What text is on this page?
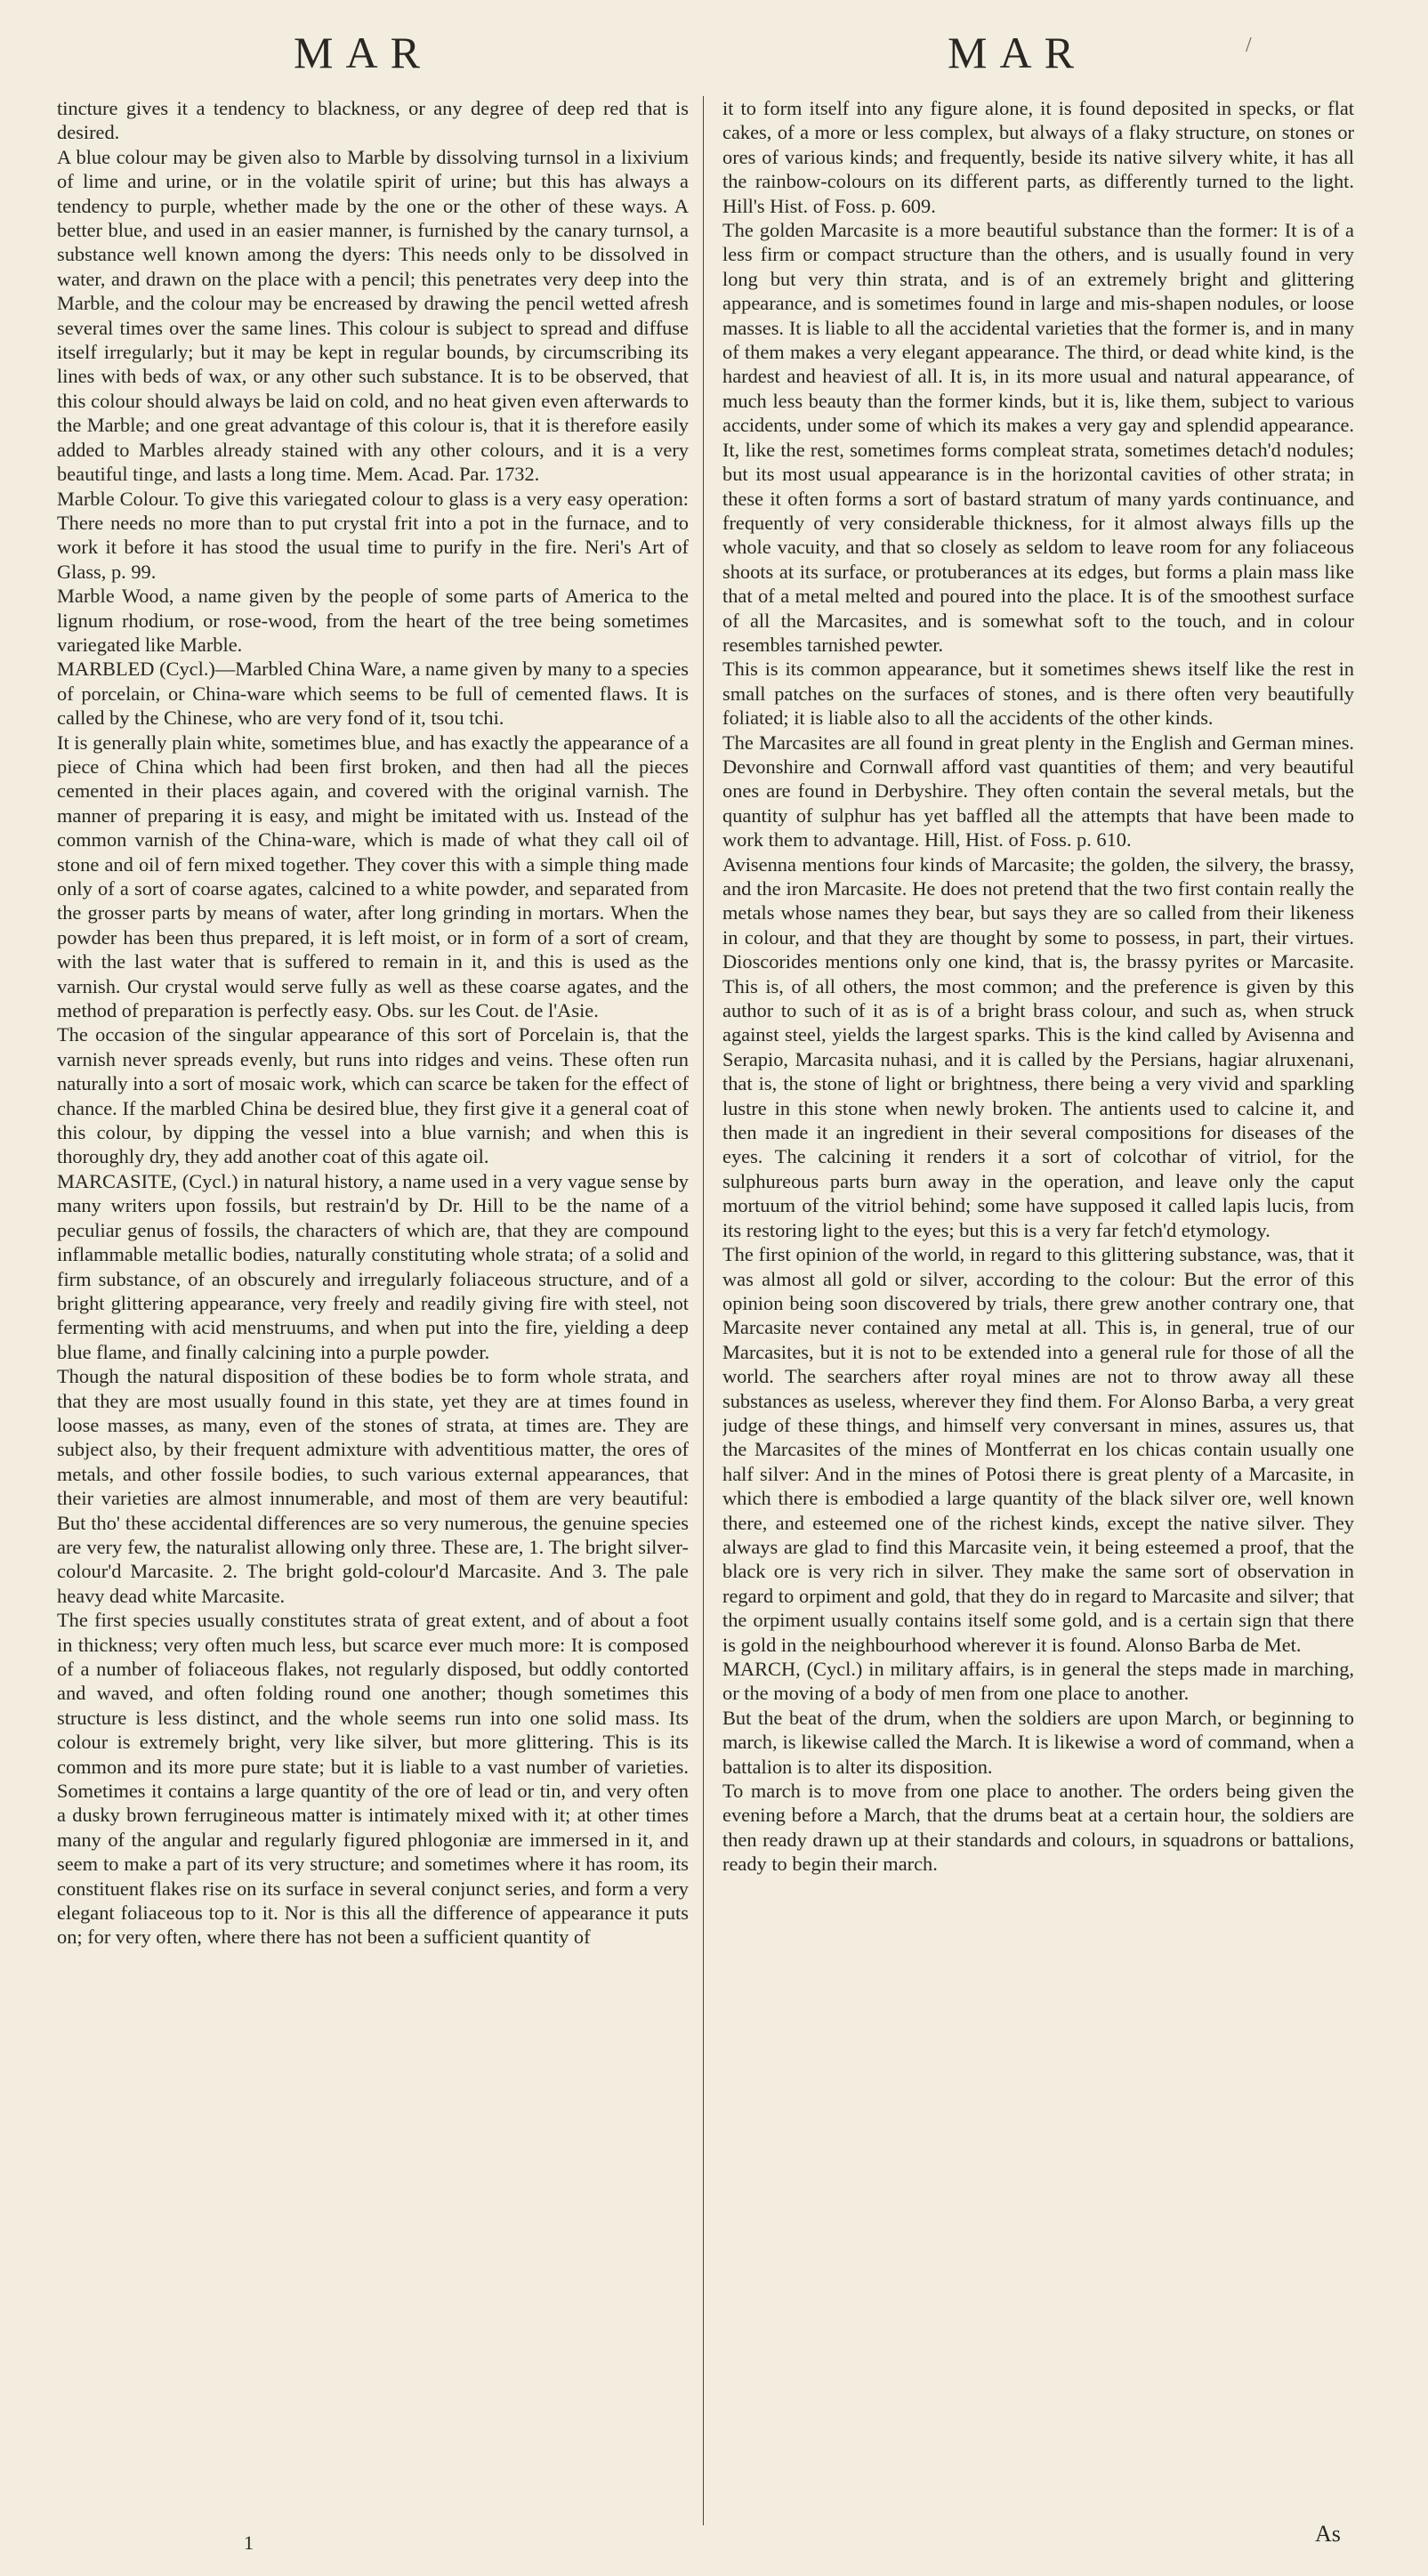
MAR	MAR	/

tincture gives it a tendency to blackness, or any degree of deep red that is desired.

A blue colour may be given also to Marble by dissolving turnsol in a lixivium of lime and urine, or in the volatile spirit of urine; but this has always a tendency to purple, whether made by the one or the other of these ways. A better blue, and used in an easier manner, is furnished by the canary turnsol, a substance well known among the dyers: This needs only to be dissolved in water, and drawn on the place with a pencil; this penetrates very deep into the Marble, and the colour may be encreased by drawing the pencil wetted afresh several times over the same lines. This colour is subject to spread and diffuse itself irregularly; but it may be kept in regular bounds, by circumscribing its lines with beds of wax, or any other such substance. It is to be observed, that this colour should always be laid on cold, and no heat given even afterwards to the Marble; and one great advantage of this colour is, that it is therefore easily added to Marbles already stained with any other colours, and it is a very beautiful tinge, and lasts a long time. Mem. Acad. Par. 1732.

Marble Colour. To give this variegated colour to glass is a very easy operation: There needs no more than to put crystal frit into a pot in the furnace, and to work it before it has stood the usual time to purify in the fire. Neri's Art of Glass, p. 99.

Marble Wood, a name given by the people of some parts of America to the lignum rhodium, or rose-wood, from the heart of the tree being sometimes variegated like Marble.

MARBLED (Cycl.)—Marbled China Ware, a name given by many to a species of porcelain, or China-ware which seems to be full of cemented flaws. It is called by the Chinese, who are very fond of it, tsou tchi.

It is generally plain white, sometimes blue, and has exactly the appearance of a piece of China which had been first broken, and then had all the pieces cemented in their places again, and covered with the original varnish. The manner of preparing it is easy, and might be imitated with us. Instead of the common varnish of the China-ware, which is made of what they call oil of stone and oil of fern mixed together. They cover this with a simple thing made only of a sort of coarse agates, calcined to a white powder, and separated from the grosser parts by means of water, after long grinding in mortars. When the powder has been thus prepared, it is left moist, or in form of a sort of cream, with the last water that is suffered to remain in it, and this is used as the varnish. Our crystal would serve fully as well as these coarse agates, and the method of preparation is perfectly easy. Obs. sur les Cout. de l'Asie.

The occasion of the singular appearance of this sort of Porcelain is, that the varnish never spreads evenly, but runs into ridges and veins. These often run naturally into a sort of mosaic work, which can scarce be taken for the effect of chance. If the marbled China be desired blue, they first give it a general coat of this colour, by dipping the vessel into a blue varnish; and when this is thoroughly dry, they add another coat of this agate oil.

MARCASITE, (Cycl.) in natural history, a name used in a very vague sense by many writers upon fossils, but restrain'd by Dr. Hill to be the name of a peculiar genus of fossils, the characters of which are, that they are compound inflammable metallic bodies, naturally constituting whole strata; of a solid and firm substance, of an obscurely and irregularly foliaceous structure, and of a bright glittering appearance, very freely and readily giving fire with steel, not fermenting with acid menstruums, and when put into the fire, yielding a deep blue flame, and finally calcining into a purple powder.

Though the natural disposition of these bodies be to form whole strata, and that they are most usually found in this state, yet they are at times found in loose masses, as many, even of the stones of strata, at times are. They are subject also, by their frequent admixture with adventitious matter, the ores of metals, and other fossile bodies, to such various external appearances, that their varieties are almost innumerable, and most of them are very beautiful: But tho' these accidental differences are so very numerous, the genuine species are very few, the naturalist allowing only three. These are, 1. The bright silver-colour'd Marcasite. 2. The bright gold-colour'd Marcasite. And 3. The pale heavy dead white Marcasite.

The first species usually constitutes strata of great extent, and of about a foot in thickness; very often much less, but scarce ever much more: It is composed of a number of foliaceous flakes, not regularly disposed, but oddly contorted and waved, and often folding round one another; though sometimes this structure is less distinct, and the whole seems run into one solid mass. Its colour is extremely bright, very like silver, but more glittering. This is its common and its more pure state; but it is liable to a vast number of varieties. Sometimes it contains a large quantity of the ore of lead or tin, and very often a dusky brown ferrugineous matter is intimately mixed with it; at other times many of the angular and regularly figured phlogoniæ are immersed in it, and seem to make a part of its very structure; and sometimes where it has room, its constituent flakes rise on its surface in several conjunct series, and form a very elegant foliaceous top to it. Nor is this all the difference of appearance it puts on; for very often, where there has not been a sufficient quantity of

it to form itself into any figure alone, it is found deposited in specks, or flat cakes, of a more or less complex, but always of a flaky structure, on stones or ores of various kinds; and frequently, beside its native silvery white, it has all the rainbow-colours on its different parts, as differently turned to the light. Hill's Hist. of Foss. p. 609.

The golden Marcasite is a more beautiful substance than the former: It is of a less firm or compact structure than the others, and is usually found in very long but very thin strata, and is of an extremely bright and glittering appearance, and is sometimes found in large and mis-shapen nodules, or loose masses. It is liable to all the accidental varieties that the former is, and in many of them makes a very elegant appearance. The third, or dead white kind, is the hardest and heaviest of all. It is, in its more usual and natural appearance, of much less beauty than the former kinds, but it is, like them, subject to various accidents, under some of which its makes a very gay and splendid appearance. It, like the rest, sometimes forms compleat strata, sometimes detach'd nodules; but its most usual appearance is in the horizontal cavities of other strata; in these it often forms a sort of bastard stratum of many yards continuance, and frequently of very considerable thickness, for it almost always fills up the whole vacuity, and that so closely as seldom to leave room for any foliaceous shoots at its surface, or protuberances at its edges, but forms a plain mass like that of a metal melted and poured into the place. It is of the smoothest surface of all the Marcasites, and is somewhat soft to the touch, and in colour resembles tarnished pewter.

This is its common appearance, but it sometimes shews itself like the rest in small patches on the surfaces of stones, and is there often very beautifully foliated; it is liable also to all the accidents of the other kinds.

The Marcasites are all found in great plenty in the English and German mines. Devonshire and Cornwall afford vast quantities of them; and very beautiful ones are found in Derbyshire. They often contain the several metals, but the quantity of sulphur has yet baffled all the attempts that have been made to work them to advantage. Hill, Hist. of Foss. p. 610.

Avisenna mentions four kinds of Marcasite; the golden, the silvery, the brassy, and the iron Marcasite. He does not pretend that the two first contain really the metals whose names they bear, but says they are so called from their likeness in colour, and that they are thought by some to possess, in part, their virtues. Dioscorides mentions only one kind, that is, the brassy pyrites or Marcasite. This is, of all others, the most common; and the preference is given by this author to such of it as is of a bright brass colour, and such as, when struck against steel, yields the largest sparks. This is the kind called by Avisenna and Serapio, Marcasita nuhasi, and it is called by the Persians, hagiar alruxenani, that is, the stone of light or brightness, there being a very vivid and sparkling lustre in this stone when newly broken. The antients used to calcine it, and then made it an ingredient in their several compositions for diseases of the eyes. The calcining it renders it a sort of colcothar of vitriol, for the sulphureous parts burn away in the operation, and leave only the caput mortuum of the vitriol behind; some have supposed it called lapis lucis, from its restoring light to the eyes; but this is a very far fetch'd etymology.

The first opinion of the world, in regard to this glittering substance, was, that it was almost all gold or silver, according to the colour: But the error of this opinion being soon discovered by trials, there grew another contrary one, that Marcasite never contained any metal at all. This is, in general, true of our Marcasites, but it is not to be extended into a general rule for those of all the world. The searchers after royal mines are not to throw away all these substances as useless, wherever they find them. For Alonso Barba, a very great judge of these things, and himself very conversant in mines, assures us, that the Marcasites of the mines of Montferrat en los chicas contain usually one half silver: And in the mines of Potosi there is great plenty of a Marcasite, in which there is embodied a large quantity of the black silver ore, well known there, and esteemed one of the richest kinds, except the native silver. They always are glad to find this Marcasite vein, it being esteemed a proof, that the black ore is very rich in silver. They make the same sort of observation in regard to orpiment and gold, that they do in regard to Marcasite and silver; that the orpiment usually contains itself some gold, and is a certain sign that there is gold in the neighbourhood wherever it is found. Alonso Barba de Met.

MARCH, (Cycl.) in military affairs, is in general the steps made in marching, or the moving of a body of men from one place to another.

But the beat of the drum, when the soldiers are upon March, or beginning to march, is likewise called the March. It is likewise a word of command, when a battalion is to alter its disposition.

To march is to move from one place to another. The orders being given the evening before a March, that the drums beat at a certain hour, the soldiers are then ready drawn up at their standards and colours, in squadrons or battalions, ready to begin their march.

1	As
